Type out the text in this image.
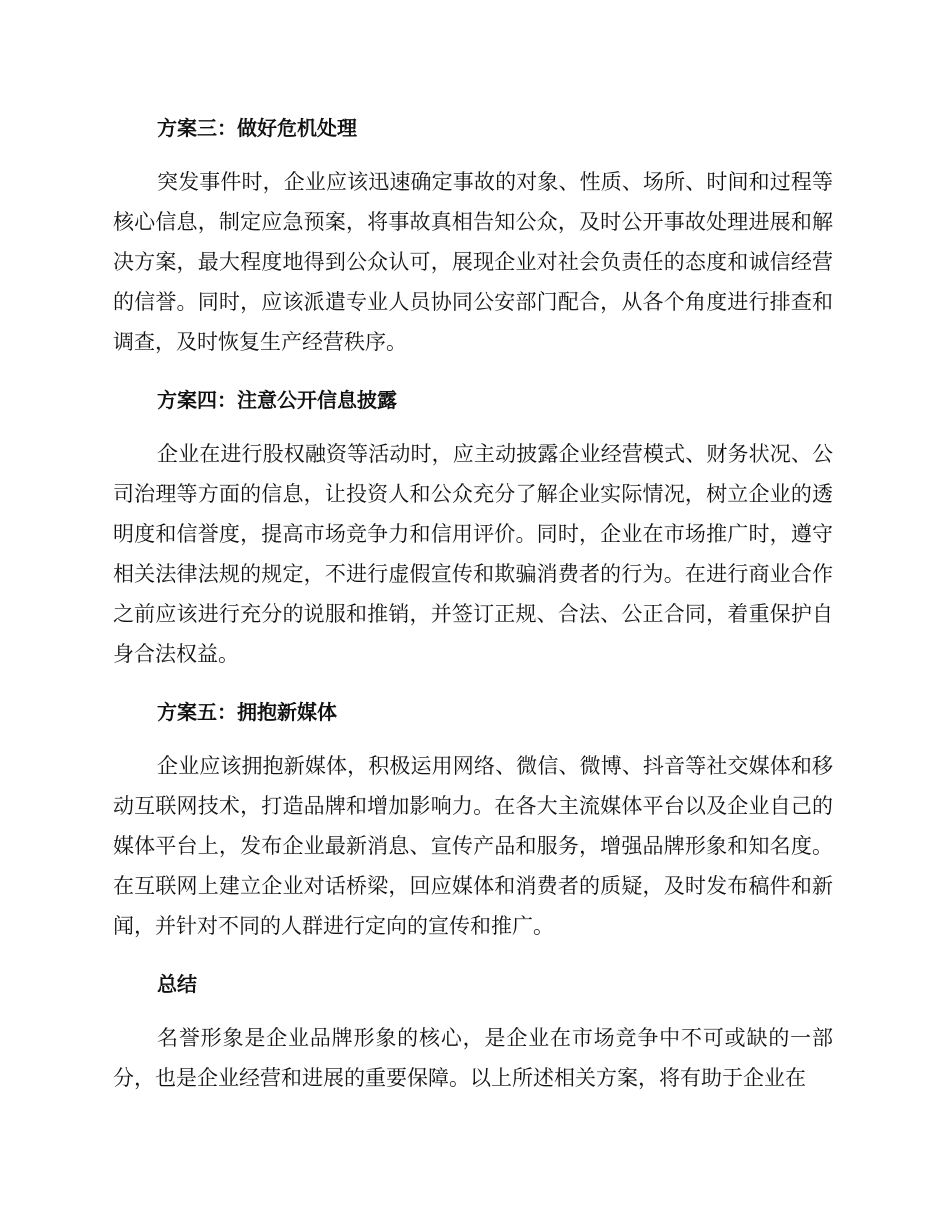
方案三：做好危机处理

突发事件时，企业应该迅速确定事故的对象、性质、场所、时间和过程等核心信息，制定应急预案，将事故真相告知公众，及时公开事故处理进展和解决方案，最大程度地得到公众认可，展现企业对社会负责任的态度和诚信经营的信誉。同时，应该派遣专业人员协同公安部门配合，从各个角度进行排查和调查，及时恢复生产经营秩序。

方案四：注意公开信息披露

企业在进行股权融资等活动时，应主动披露企业经营模式、财务状况、公司治理等方面的信息，让投资人和公众充分了解企业实际情况，树立企业的透明度和信誉度，提高市场竞争力和信用评价。同时，企业在市场推广时，遵守相关法律法规的规定，不进行虚假宣传和欺骗消费者的行为。在进行商业合作之前应该进行充分的说服和推销，并签订正规、合法、公正合同，着重保护自身合法权益。

方案五：拥抱新媒体

企业应该拥抱新媒体，积极运用网络、微信、微博、抖音等社交媒体和移动互联网技术，打造品牌和增加影响力。在各大主流媒体平台以及企业自己的媒体平台上，发布企业最新消息、宣传产品和服务，增强品牌形象和知名度。在互联网上建立企业对话桥梁，回应媒体和消费者的质疑，及时发布稿件和新闻，并针对不同的人群进行定向的宣传和推广。

总结

名誉形象是企业品牌形象的核心，是企业在市场竞争中不可或缺的一部分，也是企业经营和进展的重要保障。以上所述相关方案，将有助于企业在
